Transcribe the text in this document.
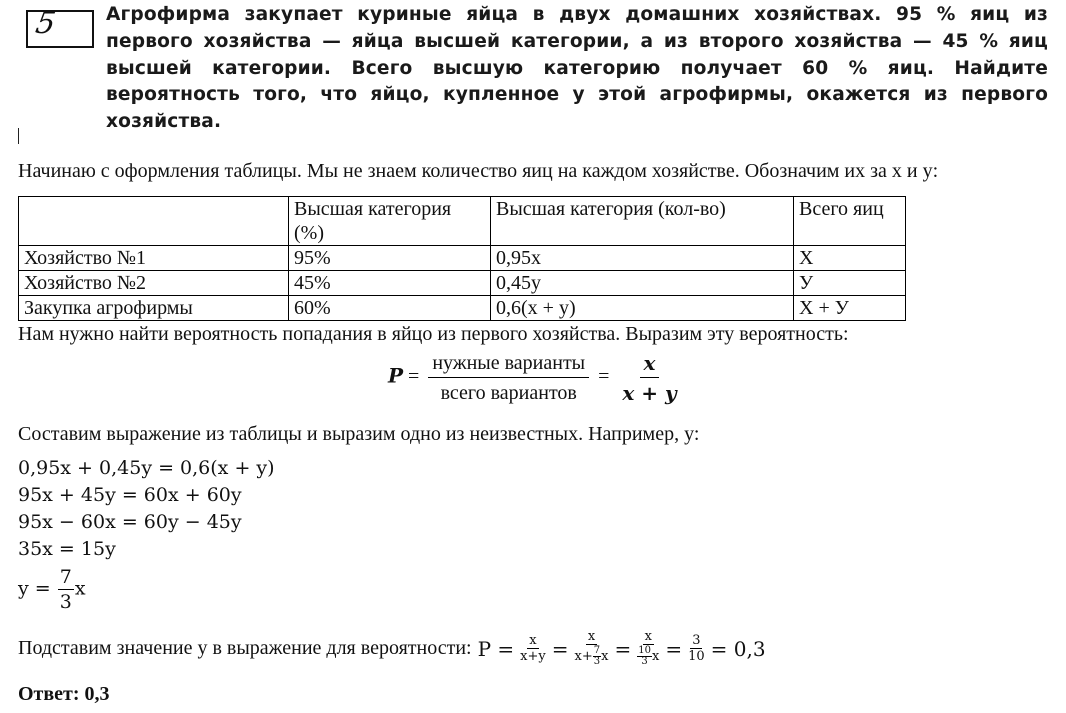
5	Агрофирма закупает куриные яйца в двух домашних хозяйствах. 95 % яиц из первого хозяйства — яйца высшей категории, а из второго хозяйства — 45 % яиц высшей категории. Всего высшую категорию получает 60 % яиц. Найдите вероятность того, что яйцо, купленное у этой агрофирмы, окажется из первого хозяйства.
Начинаю с оформления таблицы. Мы не знаем количество яиц на каждом хозяйстве. Обозначим их за x и y:
	Высшая категория (%)	Высшая категория (кол-во)	Всего яиц
Хозяйство №1	95%	0,95x	X
Хозяйство №2	45%	0,45y	У
Закупка агрофирмы	60%	0,6(x + y)	X + У
Нам нужно найти вероятность попадания в яйцо из первого хозяйства. Выразим эту вероятность:
$P = \frac{\text{нужные варианты}}{\text{всего вариантов}} = \frac{x}{x + y}$
Составим выражение из таблицы и выразим одно из неизвестных. Например, у:
0,95x + 0,45y = 0,6(x + y)
95x + 45y = 60x + 60y
95x − 60x = 60y − 45y
35x = 15y
$y = \frac{7}{3}$ x
Подставим значение у в выражение для вероятности: $P = \frac{x}{x+y} = \frac{x}{x+ \frac{7}{3} x} = \frac{x}{\frac{10}{3} x} = \frac{3}{10} = 0,3$
Ответ: 0,3
